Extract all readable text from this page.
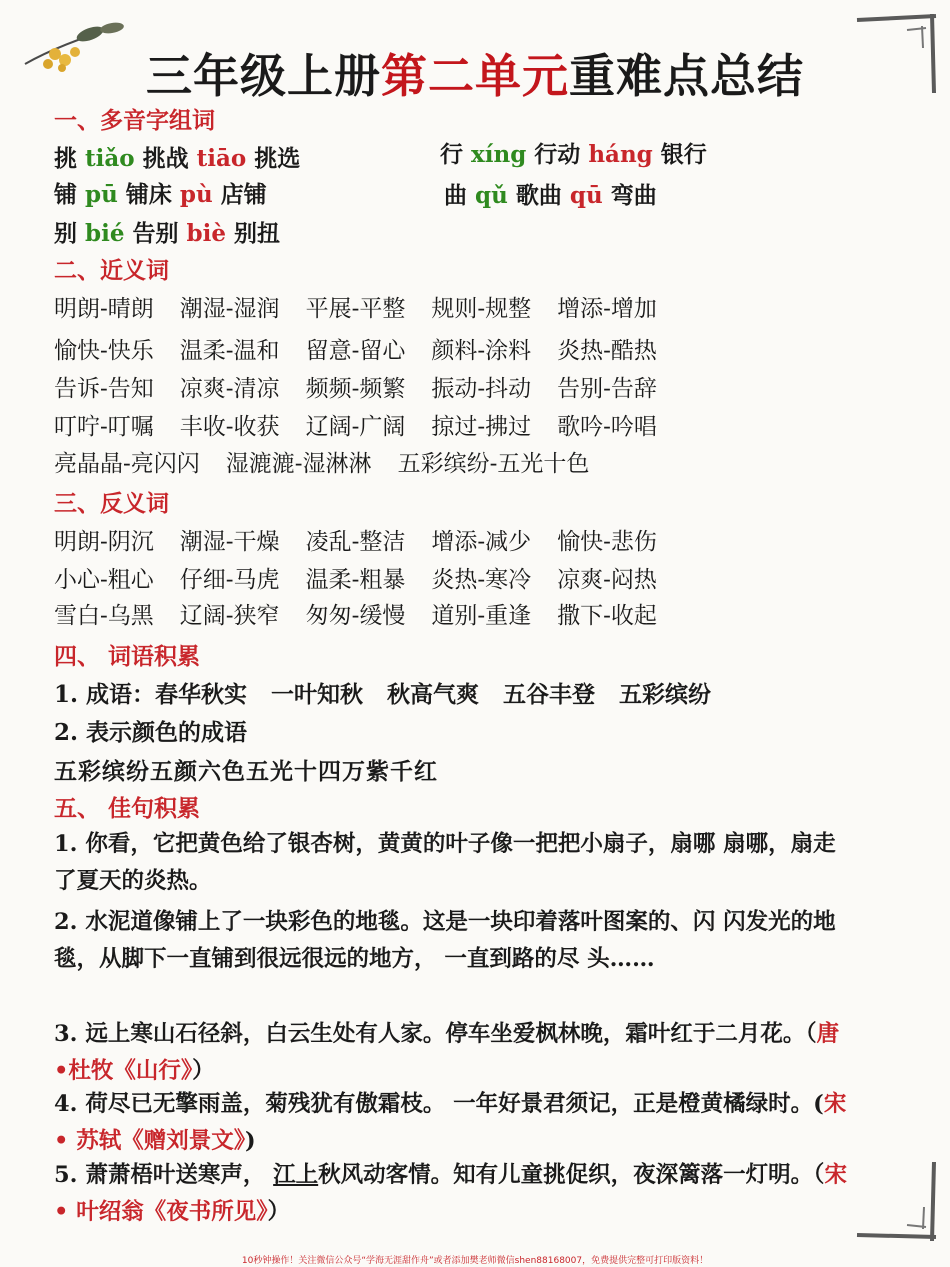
三年级上册第二单元重难点总结
一、多音字组词
挑 tiǎo 挑战 tiāo 挑选	行 xíng 行动 háng 银行
铺 pū 铺床 pù 店铺	曲 qǔ 歌曲 qū 弯曲
别 bié 告别 biè 别扭
二、近义词
明朗-晴朗 潮湿-湿润 平展-平整 规则-规整 增添-增加
愉快-快乐 温柔-温和 留意-留心 颜料-涂料 炎热-酷热
告诉-告知 凉爽-清凉 频频-频繁 振动-抖动 告别-告辞
叮咛-叮嘱 丰收-收获 辽阔-广阔 掠过-拂过 歌吟-吟唱
亮晶晶-亮闪闪 湿漉漉-湿淋淋 五彩缤纷-五光十色
三、反义词
明朗-阴沉 潮湿-干燥 凌乱-整洁 增添-减少 愉快-悲伤
小心-粗心 仔细-马虎 温柔-粗暴 炎热-寒冷 凉爽-闷热
雪白-乌黑 辽阔-狭窄 匆匆-缓慢 道别-重逢 撒下-收起
四、 词语积累
1. 成语：春华秋实 一叶知秋 秋高气爽 五谷丰登 五彩缤纷
2. 表示颜色的成语
五彩缤纷五颜六色五光十四万紫千红
五、 佳句积累
1. 你看，它把黄色给了银杏树，黄黄的叶子像一把把小扇子，扇哪 扇哪，扇走了夏天的炎热。
2. 水泥道像铺上了一块彩色的地毯。这是一块印着落叶图案的、闪 闪发光的地毯，从脚下一直铺到很远很远的地方， 一直到路的尽 头……
3. 远上寒山石径斜，白云生处有人家。停车坐爱枫林晚，霜叶红于二月花。（唐 •杜牧《山行》）
4. 荷尽已无擎雨盖，菊残犹有傲霜枝。 一年好景君须记，正是橙黄橘绿时。(宋 • 苏轼《赠刘景文》)
5. 萧萧梧叶送寒声， 江上秋风动客情。知有儿童挑促织，夜深篱落一灯明。（宋 • 叶绍翁《夜书所见》）
10秒钟操作！关注微信公众号“学海无涯甜作舟”或者添加樊老师微信shen88168007，免费提供完整可打印版资料！
